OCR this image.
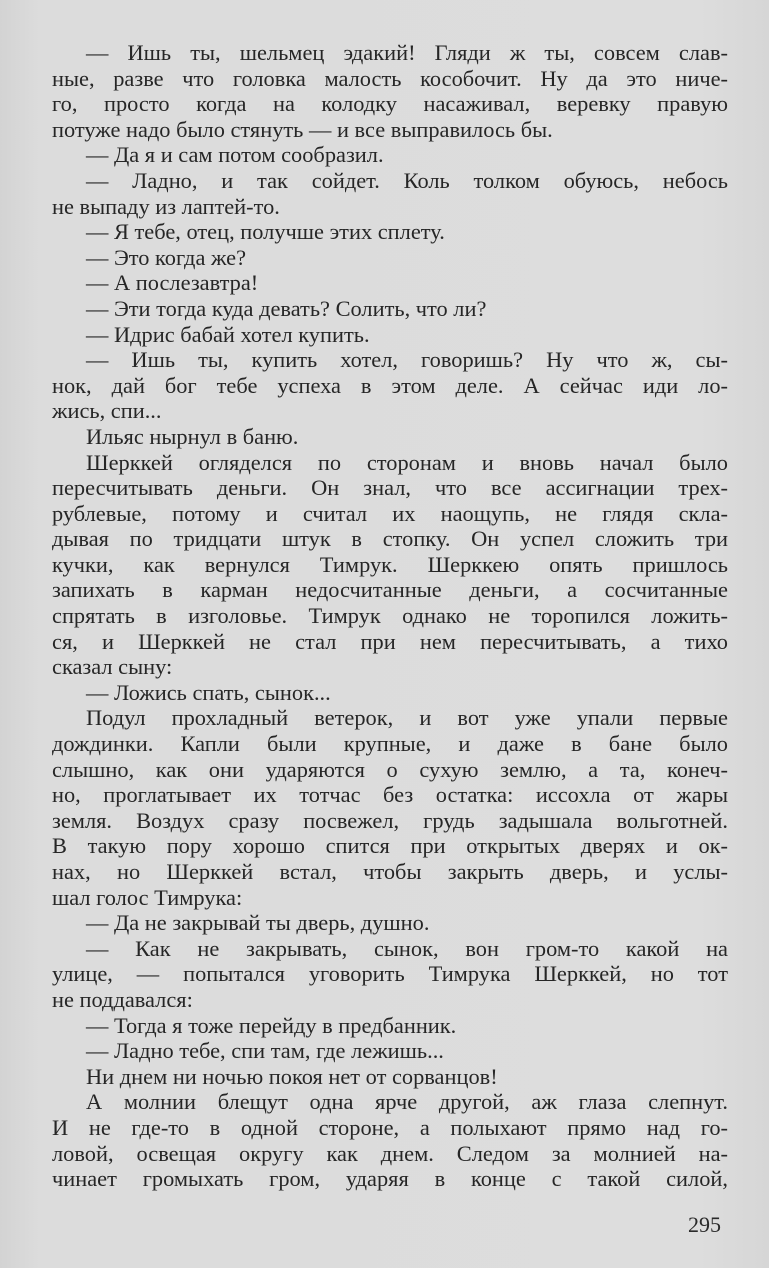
— Ишь ты, шельмец эдакий! Гляди ж ты, совсем слав-
ные, разве что головка малость кособочит. Ну да это ниче-
го, просто когда на колодку насаживал, веревку правую
потуже надо было стянуть — и все выправилось бы.
— Да я и сам потом сообразил.
— Ладно, и так сойдет. Коль толком обуюсь, небось
не выпаду из лаптей-то.
— Я тебе, отец, получше этих сплету.
— Это когда же?
— А послезавтра!
— Эти тогда куда девать? Солить, что ли?
— Идрис бабай хотел купить.
— Ишь ты, купить хотел, говоришь? Ну что ж, сы-
нок, дай бог тебе успеха в этом деле. А сейчас иди ло-
жись, спи...
Ильяс нырнул в баню.
Шерккей огляделся по сторонам и вновь начал было
пересчитывать деньги. Он знал, что все ассигнации трех-
рублевые, потому и считал их наощупь, не глядя скла-
дывая по тридцати штук в стопку. Он успел сложить три
кучки, как вернулся Тимрук. Шерккею опять пришлось
запихать в карман недосчитанные деньги, а сосчитанные
спрятать в изголовье. Тимрук однако не торопился ложить-
ся, и Шерккей не стал при нем пересчитывать, а тихо
сказал сыну:
— Ложись спать, сынок...
Подул прохладный ветерок, и вот уже упали первые
дождинки. Капли были крупные, и даже в бане было
слышно, как они ударяются о сухую землю, а та, конеч-
но, проглатывает их тотчас без остатка: иссохла от жары
земля. Воздух сразу посвежел, грудь задышала вольготней.
В такую пору хорошо спится при открытых дверях и ок-
нах, но Шерккей встал, чтобы закрыть дверь, и услы-
шал голос Тимрука:
— Да не закрывай ты дверь, душно.
— Как не закрывать, сынок, вон гром-то какой на
улице, — попытался уговорить Тимрука Шерккей, но тот
не поддавался:
— Тогда я тоже перейду в предбанник.
— Ладно тебе, спи там, где лежишь...
Ни днем ни ночью покоя нет от сорванцов!
А молнии блещут одна ярче другой, аж глаза слепнут.
И не где-то в одной стороне, а полыхают прямо над го-
ловой, освещая округу как днем. Следом за молнией на-
чинает громыхать гром, ударяя в конце с такой силой,
295
